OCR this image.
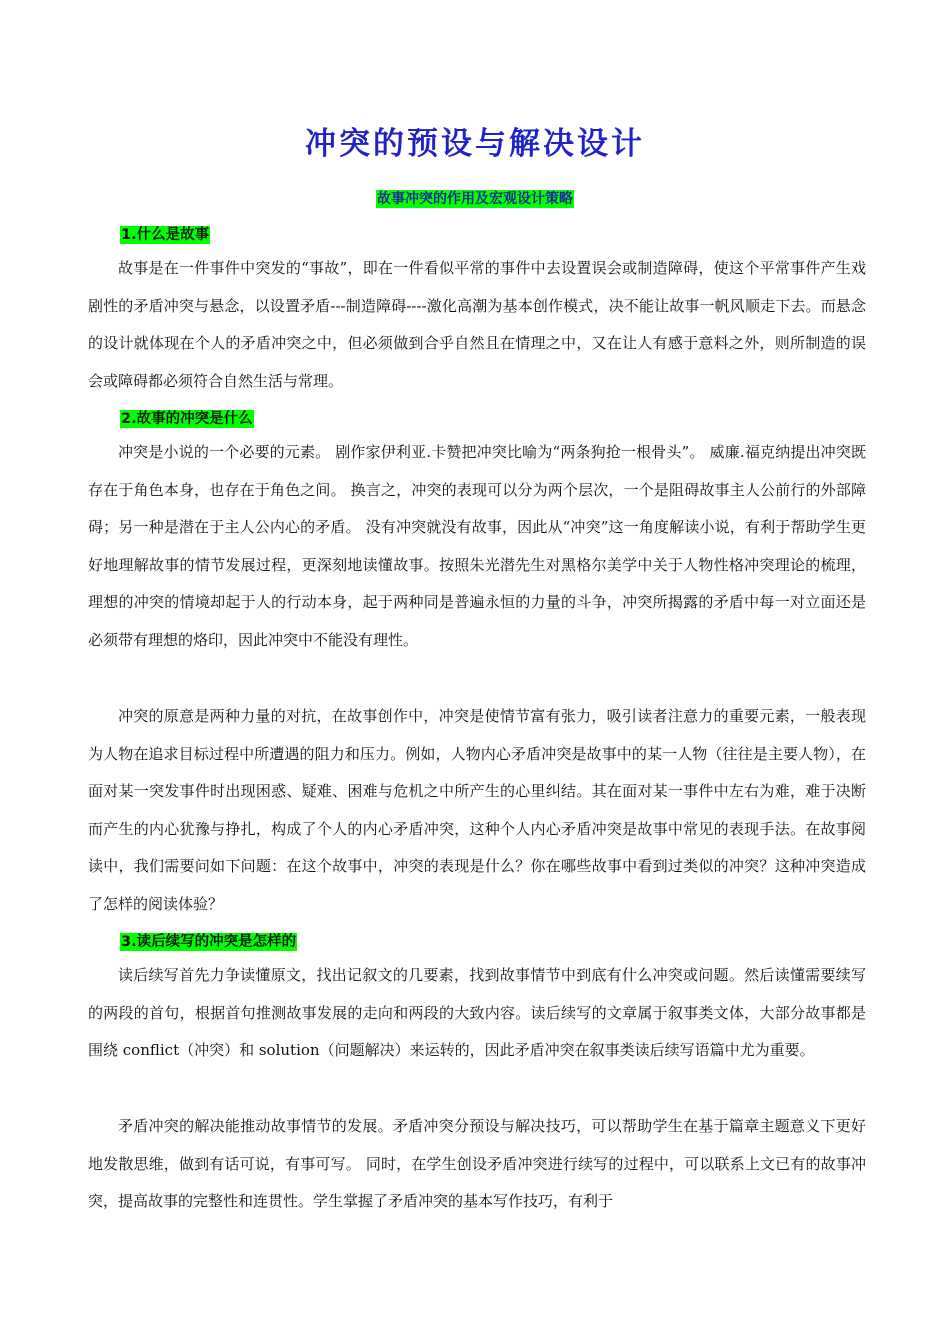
冲突的预设与解决设计
故事冲突的作用及宏观设计策略
1.什么是故事

故事是在一件事件中突发的“事故”，即在一件看似平常的事件中去设置误会或制造障碍，使这个平常事件产生戏剧性的矛盾冲突与悬念，以设置矛盾---制造障碍----激化高潮为基本创作模式，决不能让故事一帆风顺走下去。而悬念的设计就体现在个人的矛盾冲突之中，但必须做到合乎自然且在情理之中，又在让人有感于意料之外，则所制造的误会或障碍都必须符合自然生活与常理。

2.故事的冲突是什么

冲突是小说的一个必要的元素。 剧作家伊利亚.卡赞把冲突比喻为“两条狗抢一根骨头”。 威廉.福克纳提出冲突既存在于角色本身，也存在于角色之间。 换言之，冲突的表现可以分为两个层次，一个是阻碍故事主人公前行的外部障碍；另一种是潜在于主人公内心的矛盾。 没有冲突就没有故事，因此从“冲突”这一角度解读小说，有利于帮助学生更好地理解故事的情节发展过程，更深刻地读懂故事。按照朱光潜先生对黑格尔美学中关于人物性格冲突理论的梳理，理想的冲突的情境却起于人的行动本身，起于两种同是普遍永恒的力量的斗争，冲突所揭露的矛盾中每一对立面还是必须带有理想的烙印，因此冲突中不能没有理性。

冲突的原意是两种力量的对抗，在故事创作中，冲突是使情节富有张力，吸引读者注意力的重要元素，一般表现为人物在追求目标过程中所遭遇的阻力和压力。例如，人物内心矛盾冲突是故事中的某一人物（往往是主要人物），在面对某一突发事件时出现困惑、疑难、困难与危机之中所产生的心里纠结。其在面对某一事件中左右为难，难于决断而产生的内心犹豫与挣扎，构成了个人的内心矛盾冲突，这种个人内心矛盾冲突是故事中常见的表现手法。在故事阅读中，我们需要问如下问题：在这个故事中，冲突的表现是什么？你在哪些故事中看到过类似的冲突？这种冲突造成了怎样的阅读体验？

3.读后续写的冲突是怎样的

读后续写首先力争读懂原文，找出记叙文的几要素，找到故事情节中到底有什么冲突或问题。然后读懂需要续写的两段的首句，根据首句推测故事发展的走向和两段的大致内容。读后续写的文章属于叙事类文体，大部分故事都是围绕 conflict（冲突）和 solution（问题解决）来运转的，因此矛盾冲突在叙事类读后续写语篇中尤为重要。

矛盾冲突的解决能推动故事情节的发展。矛盾冲突分预设与解决技巧，可以帮助学生在基于篇章主题意义下更好地发散思维，做到有话可说，有事可写。 同时，在学生创设矛盾冲突进行续写的过程中，可以联系上文已有的故事冲突，提高故事的完整性和连贯性。学生掌握了矛盾冲突的基本写作技巧，有利于
